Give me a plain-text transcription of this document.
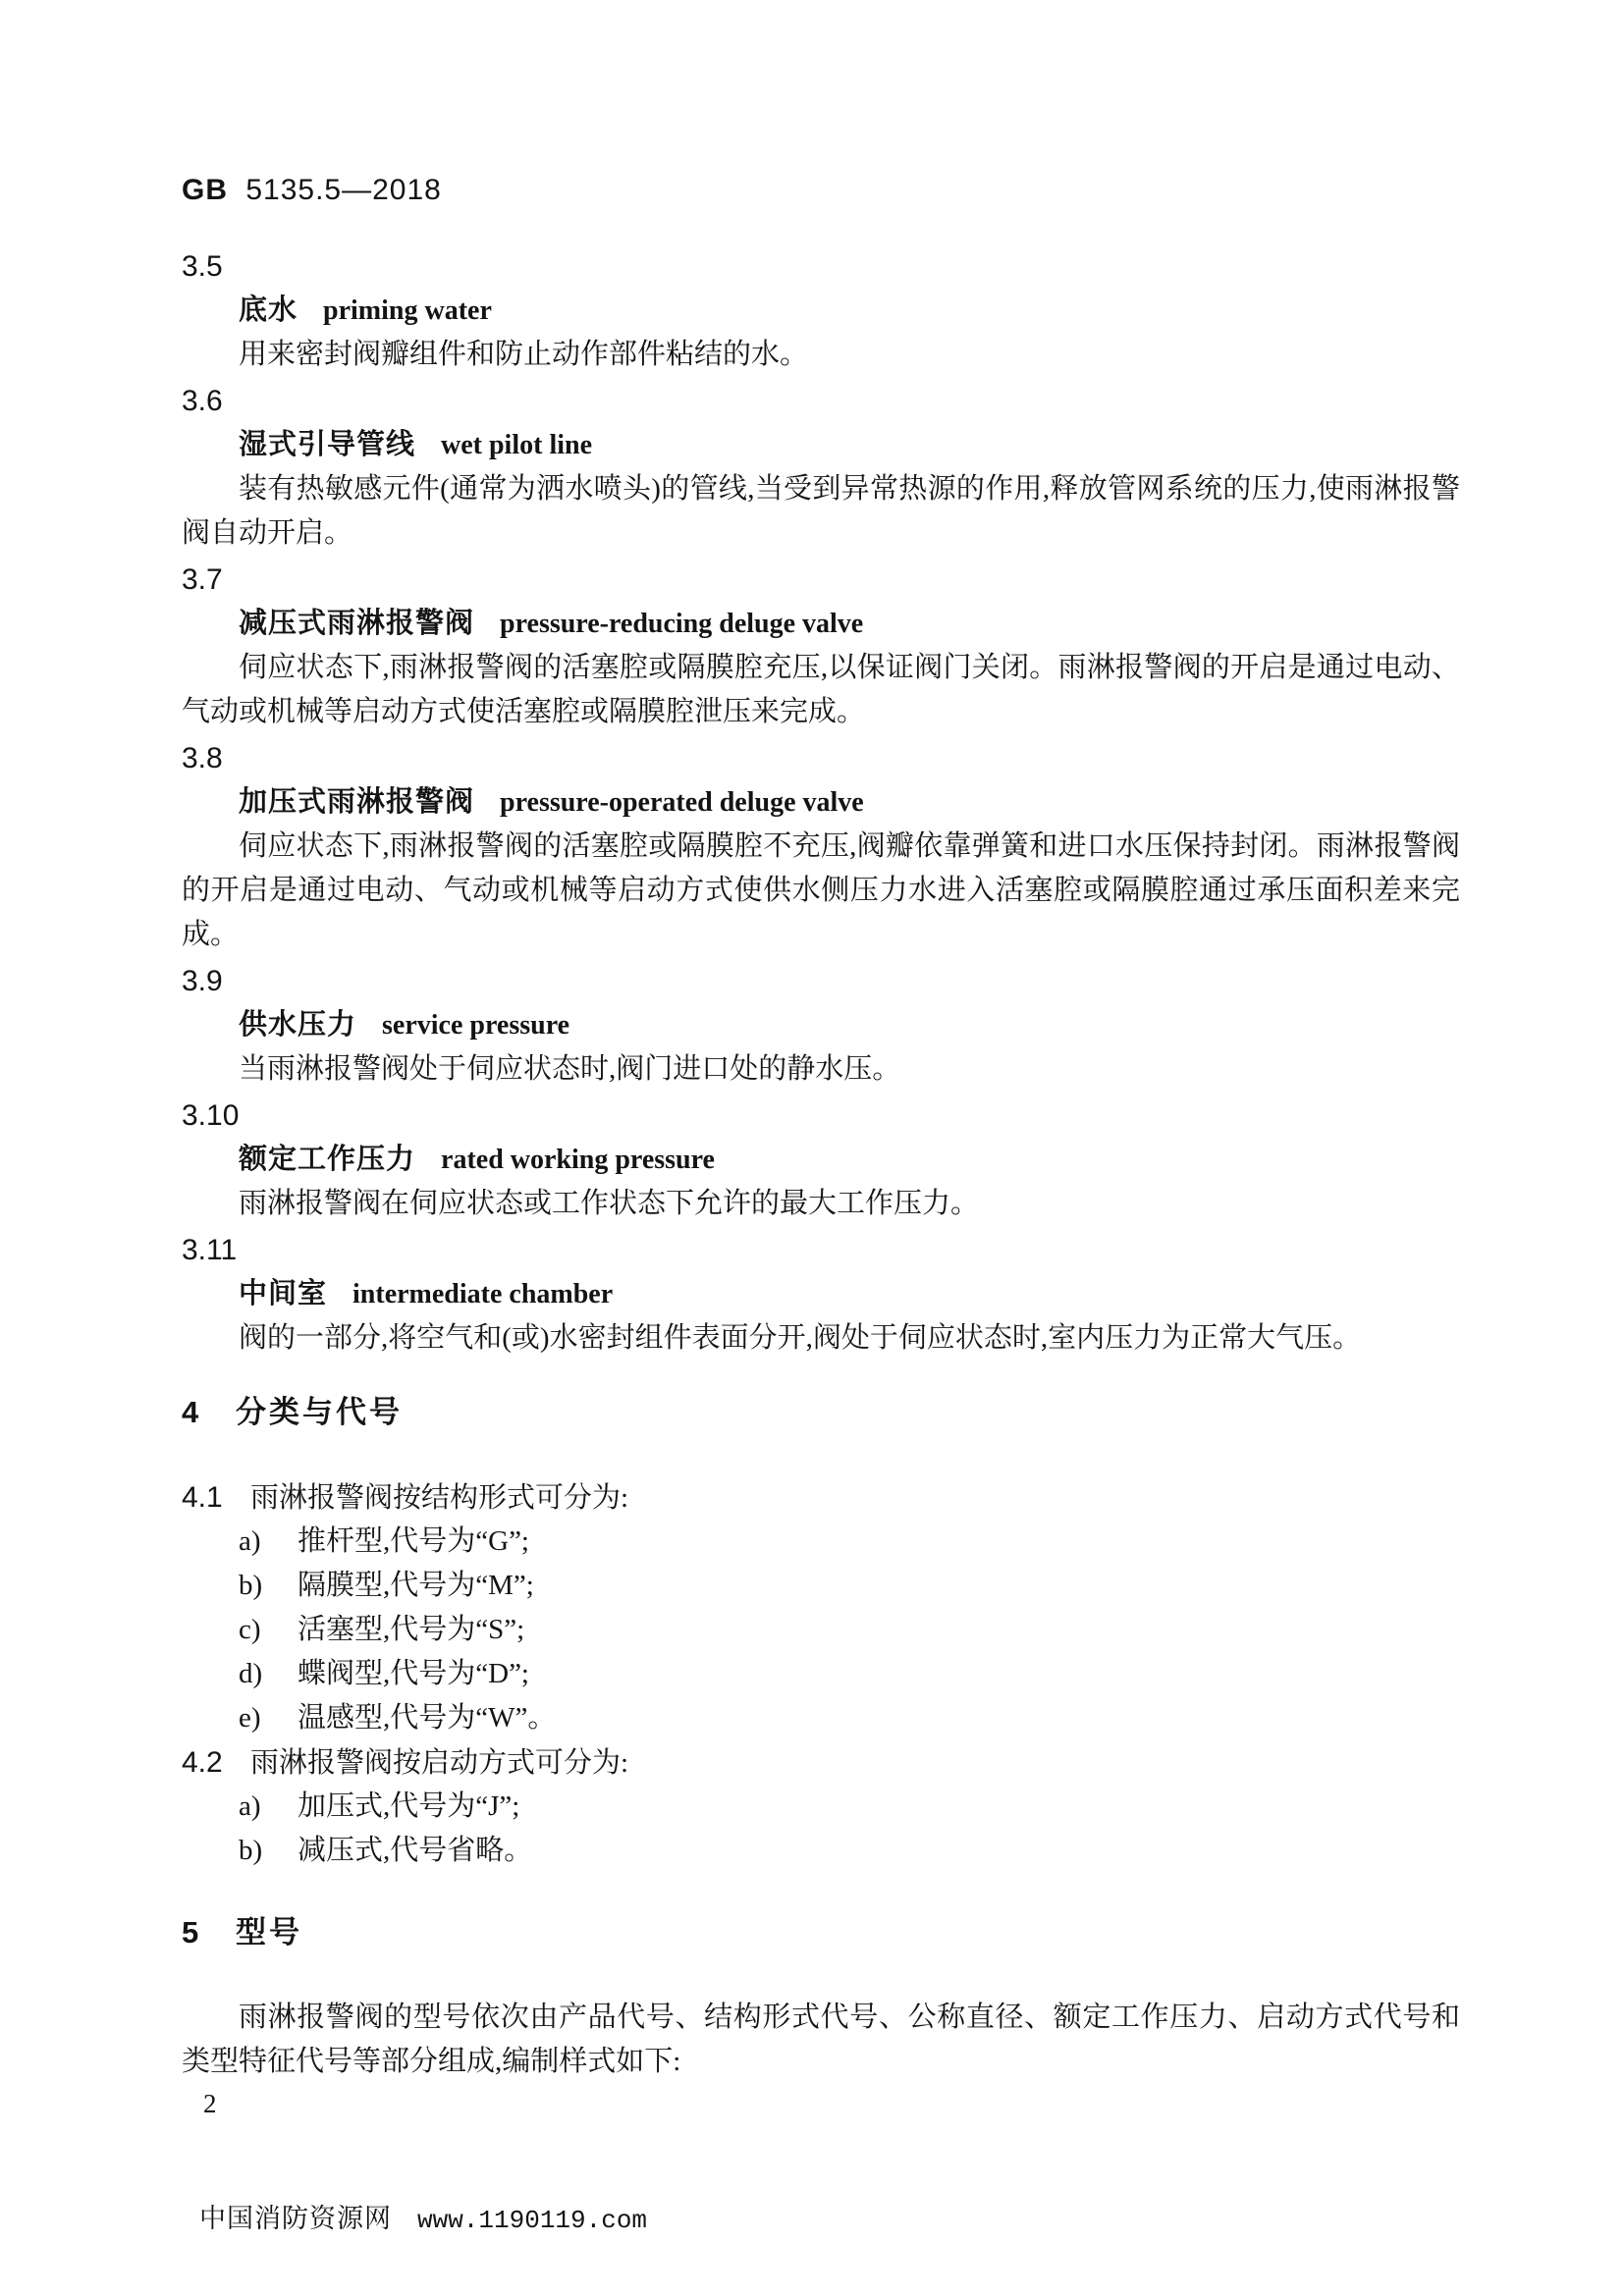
GB 5135.5—2018
3.5
底水 priming water
用来密封阀瓣组件和防止动作部件粘结的水。
3.6
湿式引导管线 wet pilot line
装有热敏感元件(通常为洒水喷头)的管线,当受到异常热源的作用,释放管网系统的压力,使雨淋报警阀自动开启。
3.7
减压式雨淋报警阀 pressure-reducing deluge valve
伺应状态下,雨淋报警阀的活塞腔或隔膜腔充压,以保证阀门关闭。雨淋报警阀的开启是通过电动、气动或机械等启动方式使活塞腔或隔膜腔泄压来完成。
3.8
加压式雨淋报警阀 pressure-operated deluge valve
伺应状态下,雨淋报警阀的活塞腔或隔膜腔不充压,阀瓣依靠弹簧和进口水压保持封闭。雨淋报警阀的开启是通过电动、气动或机械等启动方式使供水侧压力水进入活塞腔或隔膜腔通过承压面积差来完成。
3.9
供水压力 service pressure
当雨淋报警阀处于伺应状态时,阀门进口处的静水压。
3.10
额定工作压力 rated working pressure
雨淋报警阀在伺应状态或工作状态下允许的最大工作压力。
3.11
中间室 intermediate chamber
阀的一部分,将空气和(或)水密封组件表面分开,阀处于伺应状态时,室内压力为正常大气压。
4 分类与代号
4.1 雨淋报警阀按结构形式可分为:
a) 推杆型,代号为“G”;
b) 隔膜型,代号为“M”;
c) 活塞型,代号为“S”;
d) 蝶阀型,代号为“D”;
e) 温感型,代号为“W”。
4.2 雨淋报警阀按启动方式可分为:
a) 加压式,代号为“J”;
b) 减压式,代号省略。
5 型号
雨淋报警阀的型号依次由产品代号、结构形式代号、公称直径、额定工作压力、启动方式代号和类型特征代号等部分组成,编制样式如下:
2
中国消防资源网 www.1190119.com
